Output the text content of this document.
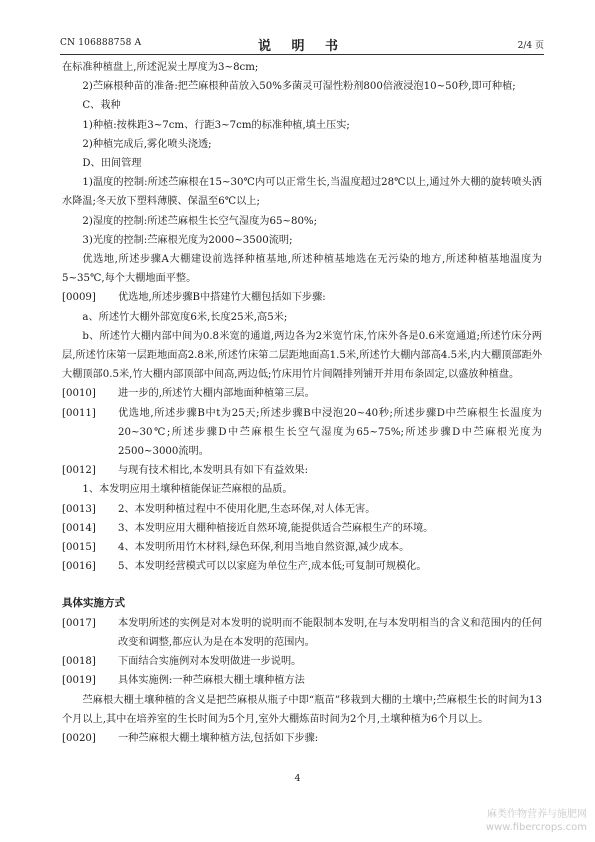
CN 106888758 A	说 明 书	2/4 页

在标准种植盘上,所述泥炭土厚度为3~8cm;

2)苎麻根种苗的准备:把苎麻根种苗放入50%多菌灵可湿性粉剂800倍液浸泡10~50秒,即可种植;

C、栽种

1)种植:按株距3~7cm、行距3~7cm的标准种植,填土压实;

2)种植完成后,雾化喷头浇透;

D、田间管理

1)温度的控制:所述苎麻根在15~30℃内可以正常生长,当温度超过28℃以上,通过外大棚的旋转喷头洒水降温;冬天放下塑料薄膜、保温至6℃以上;

2)湿度的控制:所述苎麻根生长空气湿度为65~80%;

3)光度的控制:苎麻根光度为2000~3500流明;

优选地,所述步骤A大棚建设前选择种植基地,所述种植基地选在无污染的地方,所述种植基地温度为5~35℃,每个大棚地面平整。

[0009]	优选地,所述步骤B中搭建竹大棚包括如下步骤:

a、所述竹大棚外部宽度6米,长度25米,高5米;

b、所述竹大棚内部中间为0.8米宽的通道,两边各为2米宽竹床,竹床外各是0.6米宽通道;所述竹床分两层,所述竹床第一层距地面高2.8米,所述竹床第二层距地面高1.5米,所述竹大棚内部高4.5米,内大棚顶部距外大棚顶部0.5米,竹大棚内部顶部中间高,两边低;竹床用竹片间隔排列铺开并用布条固定,以盛放种植盘。

[0010]	进一步的,所述竹大棚内部地面种植第三层。
[0011]	优选地,所述步骤B中t为25天;所述步骤B中浸泡20~40秒;所述步骤D中苎麻根生长温度为20~30℃;所述步骤D中苎麻根生长空气湿度为65~75%;所述步骤D中苎麻根光度为2500~3000流明。
[0012]	与现有技术相比,本发明具有如下有益效果:

1、本发明应用土壤种植能保证苎麻根的品质。

[0013]	2、本发明种植过程中不使用化肥,生态环保,对人体无害。
[0014]	3、本发明应用大棚种植接近自然环境,能提供适合苎麻根生产的环境。
[0015]	4、本发明所用竹木材料,绿色环保,利用当地自然资源,减少成本。
[0016]	5、本发明经营模式可以以家庭为单位生产,成本低;可复制可规模化。
具体实施方式
[0017]	本发明所述的实例是对本发明的说明而不能限制本发明,在与本发明相当的含义和范围内的任何改变和调整,都应认为是在本发明的范围内。
[0018]	下面结合实施例对本发明做进一步说明。
[0019]	具体实施例:一种苎麻根大棚土壤种植方法

苎麻根大棚土壤种植的含义是把苎麻根从瓶子中即“瓶苗”移栽到大棚的土壤中;苎麻根生长的时间为13个月以上,其中在培养室的生长时间为5个月,室外大棚炼苗时间为2个月,土壤种植为6个月以上。

[0020]	一种苎麻根大棚土壤种植方法,包括如下步骤:
4
麻类作物营养与施肥网
www.fibercrops.com
